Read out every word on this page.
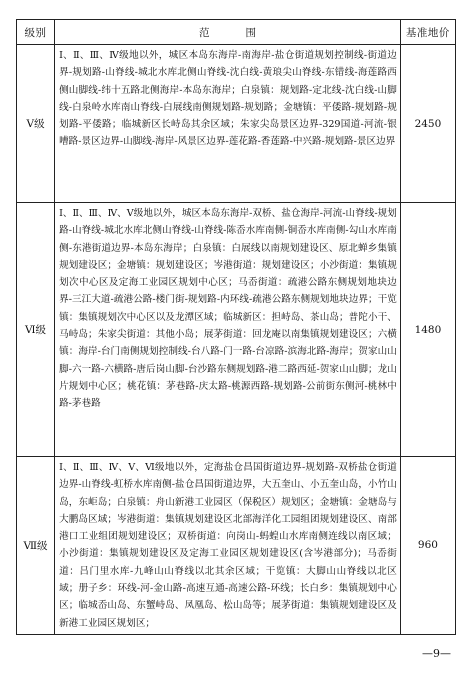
级别	范围	基准地价
Ⅴ级	Ⅰ、Ⅱ、Ⅲ、Ⅳ级地以外，城区本岛东海岸-南海岸-盐仓街道规划控制线-街道边界-规划路-山脊线-城北水库北侧山脊线-沈白线-黄琅尖山脊线-东错线-海莲路西侧山脚线-纬十五路北侧海岸-本岛东海岸；白泉镇：规划路-定北线-沈白线-山脚线-白泉岭水库南山脊线-白展线南侧规划路-规划路；金塘镇：平倭路-规划路-规划路-平倭路；临城新区长峙岛其余区域；朱家尖岛景区边界-329国道-河流-银嘈路-景区边界-山脚线-海岸-风景区边界-莲花路-香莲路-中兴路-规划路-景区边界	2450
Ⅵ级	Ⅰ、Ⅱ、Ⅲ、Ⅳ、Ⅴ级地以外，城区本岛东海岸-双桥、盐仓海岸-河流-山脊线-规划路-山脊线-城北水库北侧山脊线-山脊线-陈岙水库南侧-铜岙水库南侧-勾山水库南侧-东港街道边界-本岛东海岸；白泉镇：白展线以南规划建设区、原北蝉乡集镇规划建设区；金塘镇：规划建设区；岑港街道：规划建设区；小沙街道：集镇规划次中心区及定海工业园区规划中心区；马岙街道：疏港公路东侧规划地块边界-三江大道-疏港公路-楼门街-规划路-内环线-疏港公路东侧规划地块边界；干览镇：集镇规划次中心区以及龙潭区域；临城新区：担峙岛、茶山岛；普陀小干、马峙岛；朱家尖街道：其他小岛；展茅街道：回龙庵以南集镇规划建设区；六横镇：海岸-台门南侧规划控制线-台八路-门一路-台凉路-滨海北路-海岸；贺家山山脚-六一路-六横路-唐后岗山脚-台沙路东侧规划路-港二路西延-贺家山山脚；龙山片规划中心区；桃花镇：茅巷路-庆太路-桃源西路-规划路-公前街东侧河-桃林中路-茅巷路	1480
Ⅶ级	Ⅰ、Ⅱ、Ⅲ、Ⅳ、Ⅴ、Ⅵ级地以外，定海盐仓昌国街道边界-规划路-双桥盐仓街道边界-山脊线-虹桥水库南侧-盐仓昌国街道边界，大五奎山、小五奎山岛，小竹山岛，东岠岛；白泉镇：舟山新港工业园区（保税区）规划区；金塘镇：金塘岛与大鹏岛区域；岑港街道：集镇规划建设区北部海洋化工园组团规划建设区、南部港口工业组团规划建设区；双桥街道：向岗山-蚂蝗山水库南侧连线以南区域；小沙街道：集镇规划建设区及定海工业园区规划建设区(含岑港部分)；马岙街道：吕门里水库-九峰山山脊线以北其余区域；干览镇：大脚山山脊线以北区域；册子乡：环线-河-金山路-高速互通-高速公路-环线；长白乡：集镇规划中心区；临城岙山岛、东蟹峙岛、凤凰岛、松山岛等；展茅街道：集镇规划建设区及新港工业园区规划区；	960
—9—
